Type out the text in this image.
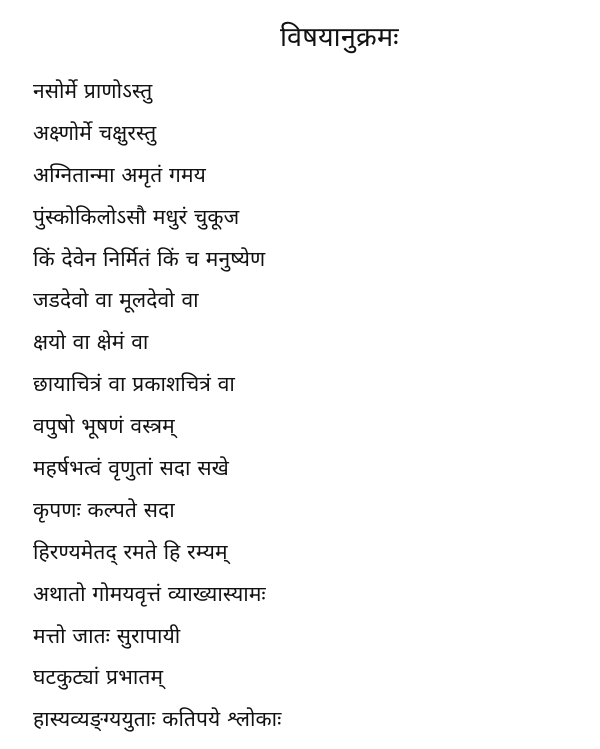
विषयानुक्रमः
नसोर्मे प्राणोऽस्तु
अक्ष्णोर्मे चक्षुरस्तु
अग्नितान्मा अमृतं गमय
पुंस्कोकिलोऽसौ मधुरं चुकूज
किं देवेन निर्मितं किं च मनुष्येण
जडदेवो वा मूलदेवो वा
क्षयो वा क्षेमं वा
छायाचित्रं वा प्रकाशचित्रं वा
वपुषो भूषणं वस्त्रम्
महर्षभत्वं वृणुतां सदा सखे
कृपणः कल्पते सदा
हिरण्यमेतद् रमते हि रम्यम्
अथातो गोमयवृत्तं व्याख्यास्यामः
मत्तो जातः सुरापायी
घटकुट्यां प्रभातम्
हास्यव्यङ्ग्ययुताः कतिपये श्लोकाः
